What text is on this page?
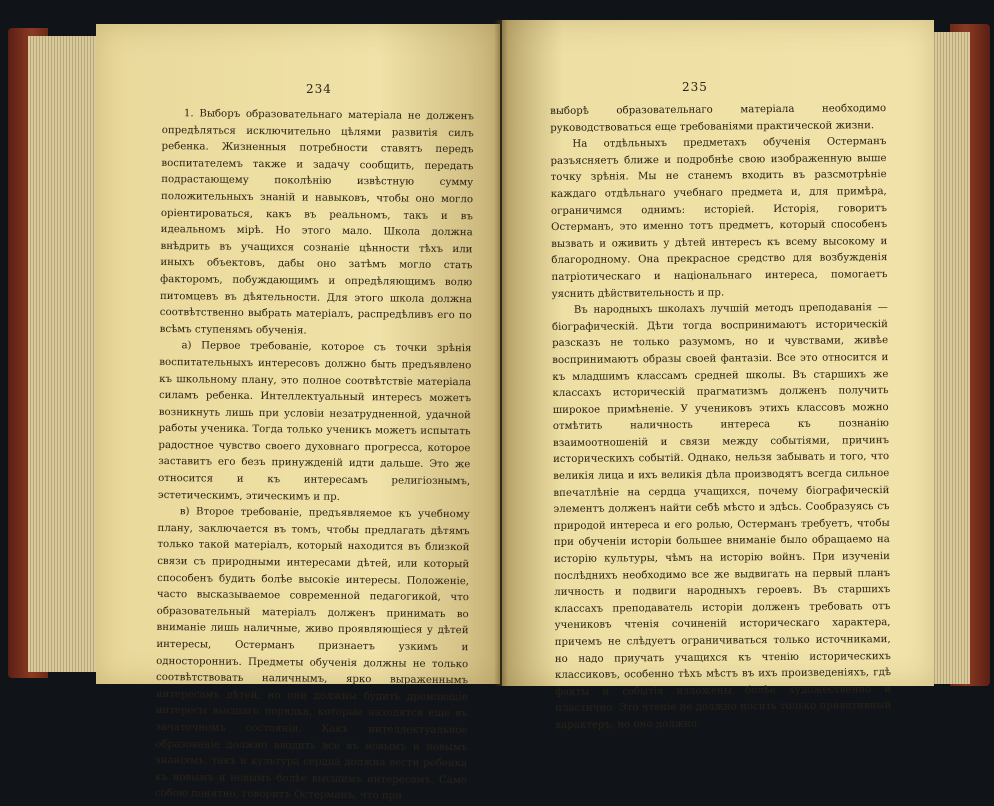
234

1. Выборъ образовательнаго матеріала не долженъ опредѣляться исключительно цѣлями развитія силъ ребенка. Жизненныя потребности ставятъ передъ воспитателемъ также и задачу сообщить, передать подрастающему поколѣнію извѣстную сумму положительныхъ знаній и навыковъ, чтобы оно могло оріентироваться, какъ въ реальномъ, такъ и въ идеальномъ мірѣ. Но этого мало. Школа должна внѣдрить въ учащихся сознаніе цѣнности тѣхъ или иныхъ объектовъ, дабы оно затѣмъ могло стать факторомъ, побуждающимъ и опредѣляющимъ волю питомцевъ въ дѣятельности. Для этого школа должна соотвѣтственно выбрать матеріалъ, распредѣливъ его по всѣмъ ступенямъ обученія.

а) Первое требованіе, которое съ точки зрѣнія воспитательныхъ интересовъ должно быть предъявлено къ школьному плану, это полное соотвѣтствіе матеріала силамъ ребенка. Интеллектуальный интересъ можетъ возникнуть лишь при условіи незатрудненной, удачной работы ученика. Тогда только ученикъ можетъ испытать радостное чувство своего духовнаго прогресса, которое заставитъ его безъ принужденій идти дальше. Это же относится и къ интересамъ религіознымъ, эстетическимъ, этическимъ и пр.

в) Второе требованіе, предъявляемое къ учебному плану, заключается въ томъ, чтобы предлагать дѣтямъ только такой матеріалъ, который находится въ близкой связи съ природными интересами дѣтей, или который способенъ будить болѣе высокіе интересы. Положеніе, часто высказываемое современной педагогикой, что образовательный матеріалъ долженъ принимать во вниманіе лишь наличные, живо проявляющіеся у дѣтей интересы, Остерманъ признаетъ узкимъ и односторонниъ. Предметы обученія должны не только соотвѣтствовать наличнымъ, ярко выраженнымъ интересамъ дѣтей, но они должны будить дремлющіе интересы высшаго порядка, которые находятся еще въ зачаточномъ состояніи. Какъ интеллектуальное образованіе должно вводить все въ новымъ и новымъ знаніямъ, такъ и культура сердца должна вести ребенка къ новымъ и новымъ болѣе высшимъ интересамъ. Само собою понятно, говоритъ Остерманъ, что при

235

выборѣ образовательнаго матеріала необходимо руководствоваться еще требованіями практической жизни.

На отдѣльныхъ предметахъ обученія Остерманъ разъясняетъ ближе и подробнѣе свою изображенную выше точку зрѣнія. Мы не станемъ входить въ разсмотрѣніе каждаго отдѣльнаго учебнаго предмета и, для примѣра, ограничимся однимъ: исторіей. Исторія, говоритъ Остерманъ, это именно тотъ предметъ, который способенъ вызвать и оживить у дѣтей интересъ къ всему высокому и благородному. Она прекрасное средство для возбужденія патріотическаго и національнаго интереса, помогаетъ уяснить дѣйствительность и пр.

Въ народныхъ школахъ лучшій методъ преподаванія — біографическій. Дѣти тогда воспринимаютъ историческій разсказъ не только разумомъ, но и чувствами, живѣе воспринимаютъ образы своей фантазіи. Все это относится и къ младшимъ классамъ средней школы. Въ старшихъ же классахъ историческій прагматизмъ долженъ получить широкое примѣненіе. У учениковъ этихъ классовъ можно отмѣтить наличность интереса къ познанію взаимоотношеній и связи между событіями, причинъ историческихъ событій. Однако, нельзя забывать и того, что великія лица и ихъ великія дѣла производятъ всегда сильное впечатлѣніе на сердца учащихся, почему біографическій элементъ долженъ найти себѣ мѣсто и здѣсь. Сообразуясь съ природой интереса и его ролью, Остерманъ требуетъ, чтобы при обученіи исторіи большее вниманіе было обращаемо на исторію культуры, чѣмъ на исторію войнъ. При изученіи послѣднихъ необходимо все же выдвигать на первый планъ личность и подвиги народныхъ героевъ. Въ старшихъ классахъ преподаватель исторіи долженъ требовать отъ учениковъ чтенія сочиненій историческаго характера, причемъ не слѣдуетъ ограничиваться только источниками, но надо приучать учащихся къ чтенію историческихъ классиковъ, особенно тѣхъ мѣстъ въ ихъ произведеніяхъ, гдѣ факты и событія изложены болѣе художественно и пластично. Это чтеніе не должно носить только привативный характеръ, но оно должно
